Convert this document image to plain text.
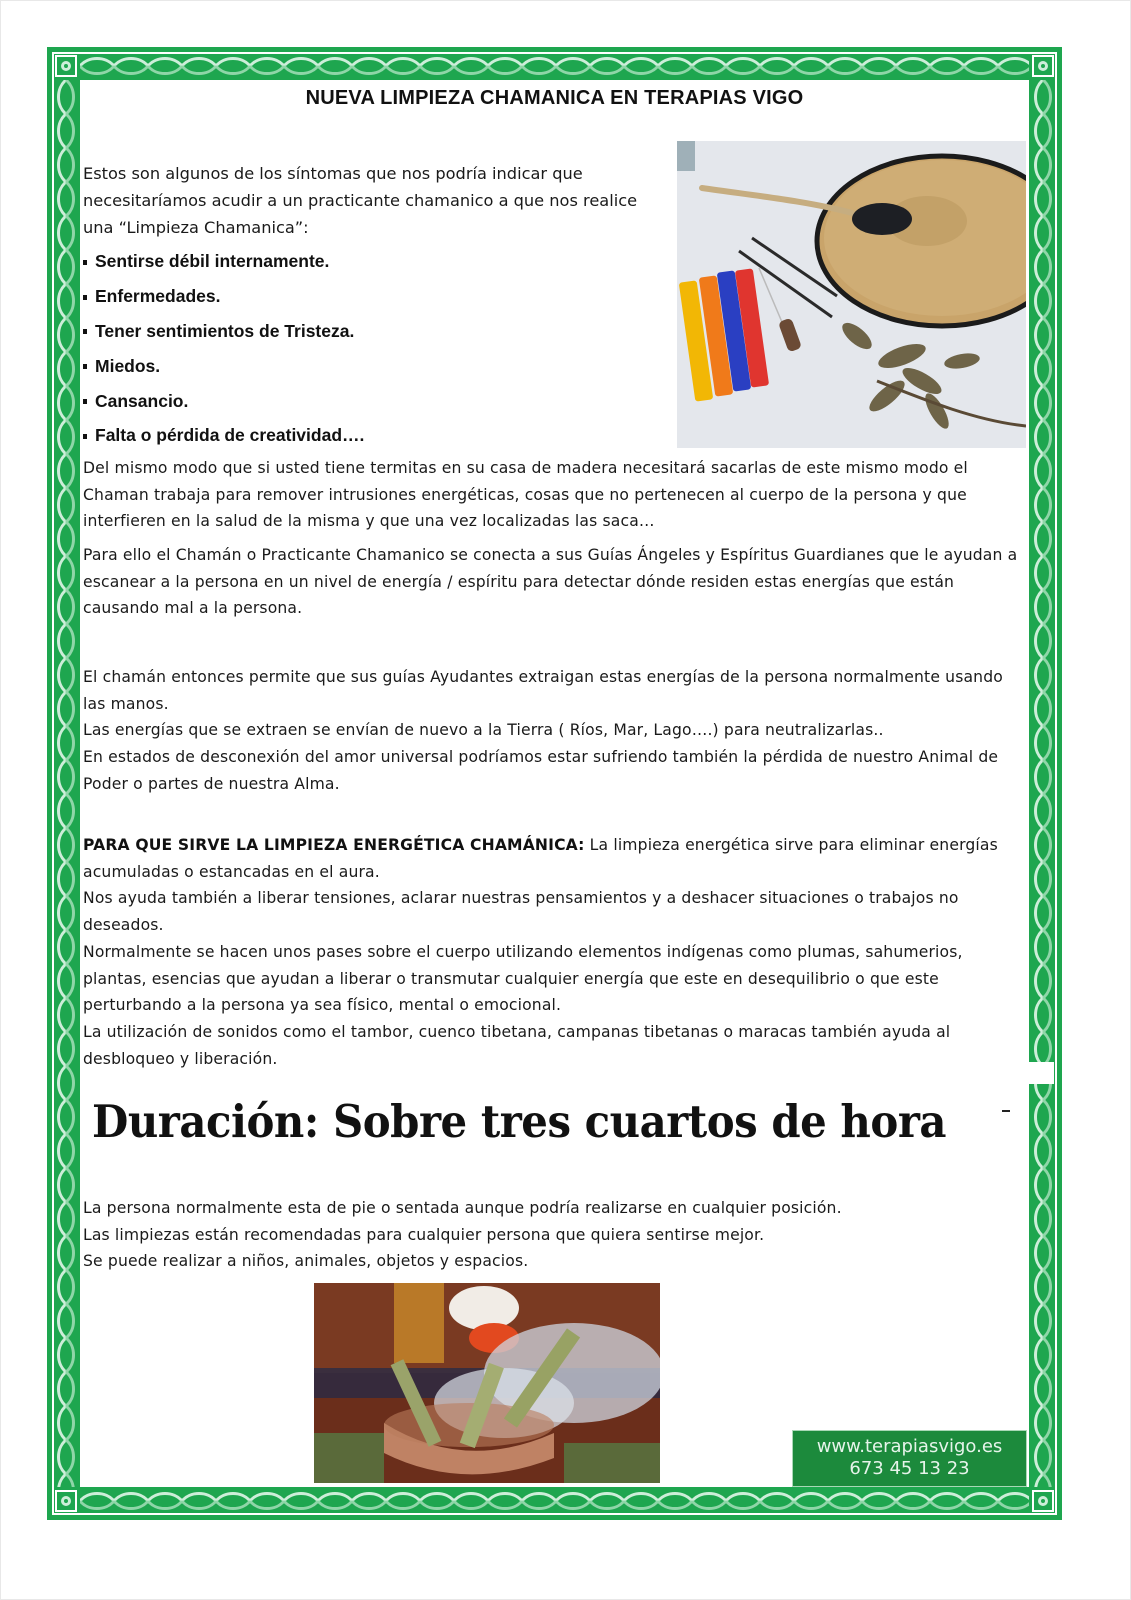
NUEVA LIMPIEZA CHAMANICA EN TERAPIAS VIGO
Estos son algunos de los síntomas que nos podría indicar que necesitaríamos acudir a un practicante chamanico a que nos realice una “Limpieza Chamanica”:
Sentirse débil internamente.
Enfermedades.
Tener sentimientos de Tristeza.
Miedos.
Cansancio.
Falta o pérdida de creatividad….
Del mismo modo que si usted tiene termitas en su casa de madera necesitará sacarlas de este mismo modo el Chaman trabaja para remover intrusiones energéticas, cosas que no pertenecen al cuerpo de la persona y que interfieren en la salud de la misma y que una vez localizadas las saca…
Para ello el Chamán o Practicante Chamanico se conecta a sus Guías Ángeles y Espíritus Guardianes que le ayudan a escanear a la persona en un nivel de energía / espíritu para detectar dónde residen estas energías que están causando mal a la persona.
El chamán entonces permite que sus guías Ayudantes extraigan estas energías de la persona normalmente usando las manos.
Las energías que se extraen se envían de nuevo a la Tierra ( Ríos, Mar, Lago….) para neutralizarlas..
En estados de desconexión del amor universal podríamos estar sufriendo también la pérdida de nuestro Animal de Poder o partes de nuestra Alma.
PARA QUE SIRVE LA LIMPIEZA ENERGÉTICA CHAMÁNICA: La limpieza energética sirve para eliminar energías acumuladas o estancadas en el aura.
Nos ayuda también a liberar tensiones, aclarar nuestras pensamientos y a deshacer situaciones o trabajos no deseados.
Normalmente se hacen unos pases sobre el cuerpo utilizando elementos indígenas como plumas, sahumerios, plantas, esencias que ayudan a liberar o transmutar cualquier energía que este en desequilibrio o que este perturbando a la persona ya sea físico, mental o emocional.
La utilización de sonidos como el tambor, cuenco tibetana, campanas tibetanas o maracas también ayuda al desbloqueo y liberación.
Duración: Sobre tres cuartos de hora
La persona normalmente esta de pie o sentada aunque podría realizarse en cualquier posición.
Las limpiezas están recomendadas para cualquier persona que quiera sentirse mejor.
Se puede realizar a niños, animales, objetos y espacios.
www.terapiasvigo.es
673 45 13 23
